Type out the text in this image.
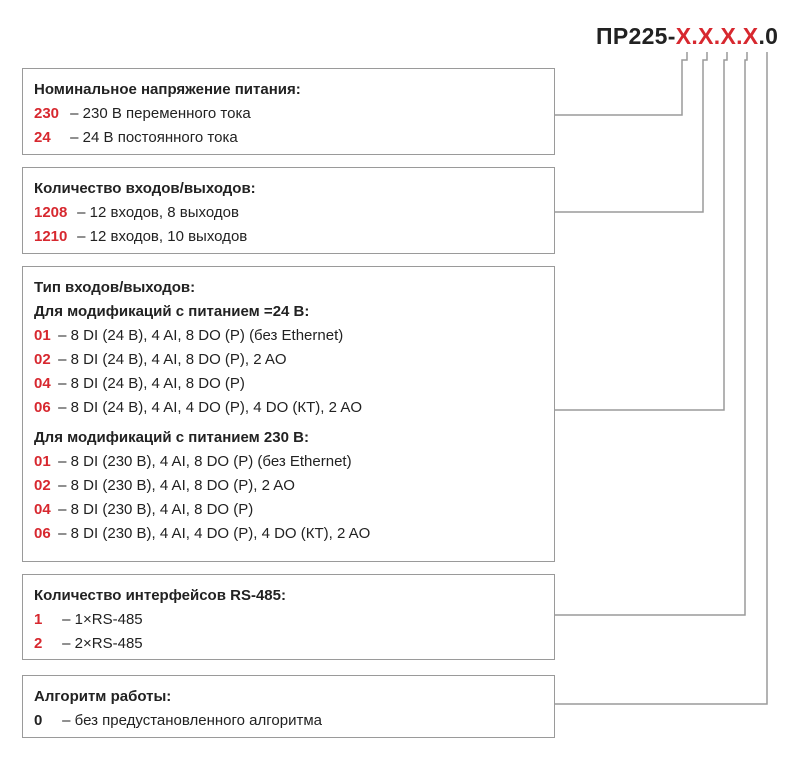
ПР225-X.X.X.X.0
Номинальное напряжение питания:
230 – 230 В переменного тока
24 – 24 В постоянного тока
Количество входов/выходов:
1208 – 12 входов, 8 выходов
1210 – 12 входов, 10 выходов
Тип входов/выходов:
Для модификаций с питанием =24 В:
01 – 8 DI (24 В), 4 AI, 8 DO (Р) (без Ethernet)
02 – 8 DI (24 В), 4 AI, 8 DO (Р), 2 AO
04 – 8 DI (24 В), 4 AI, 8 DO (Р)
06 – 8 DI (24 В), 4 AI, 4 DO (Р), 4 DO (КТ), 2 AO
Для модификаций с питанием 230 В:
01 – 8 DI (230 В), 4 AI, 8 DO (Р) (без Ethernet)
02 – 8 DI (230 В), 4 AI, 8 DO (Р), 2 AO
04 – 8 DI (230 В), 4 AI, 8 DO (Р)
06 – 8 DI (230 В), 4 AI, 4 DO (Р), 4 DO (КТ), 2 AO
Количество интерфейсов RS-485:
1 – 1×RS-485
2 – 2×RS-485
Алгоритм работы:
0 – без предустановленного алгоритма
